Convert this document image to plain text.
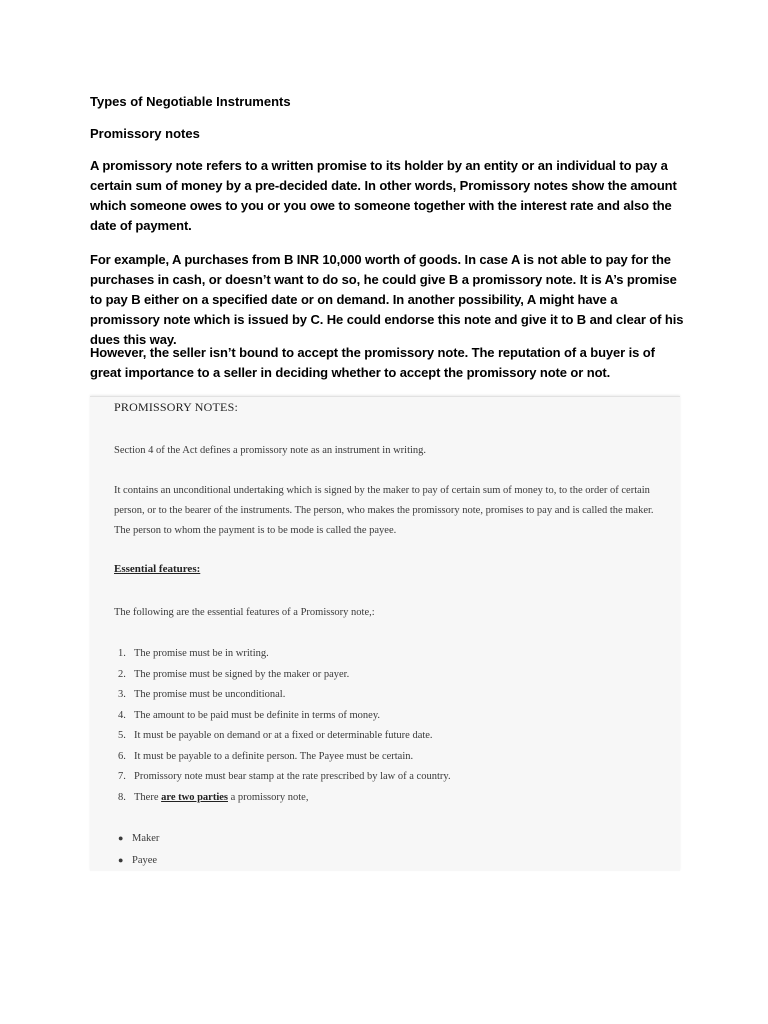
Types of Negotiable Instruments
Promissory notes

A promissory note refers to a written promise to its holder by an entity or an individual to pay a certain sum of money by a pre-decided date. In other words, Promissory notes show the amount which someone owes to you or you owe to someone together with the interest rate and also the date of payment.

For example, A purchases from B INR 10,000 worth of goods. In case A is not able to pay for the purchases in cash, or doesn’t want to do so, he could give B a promissory note. It is A’s promise to pay B either on a specified date or on demand. In another possibility, A might have a promissory note which is issued by C. He could endorse this note and give it to B and clear of his dues this way.

However, the seller isn’t bound to accept the promissory note. The reputation of a buyer is of great importance to a seller in deciding whether to accept the promissory note or not.

PROMISSORY NOTES:
Section 4 of the Act defines a promissory note as an instrument in writing.
It contains an unconditional undertaking which is signed by the maker to pay of certain sum of money to, to the order of certain person, or to the bearer of the instruments. The person, who makes the promissory note, promises to pay and is called the maker. The person to whom the payment is to be mode is called the payee.
Essential features:
The following are the essential features of a Promissory note,:
1. The promise must be in writing.
2. The promise must be signed by the maker or payer.
3. The promise must be unconditional.
4. The amount to be paid must be definite in terms of money.
5. It must be payable on demand or at a fixed or determinable future date.
6. It must be payable to a definite person. The Payee must be certain.
7. Promissory note must bear stamp at the rate prescribed by law of a country.
8. There are two parties a promissory note,
● Maker
● Payee
